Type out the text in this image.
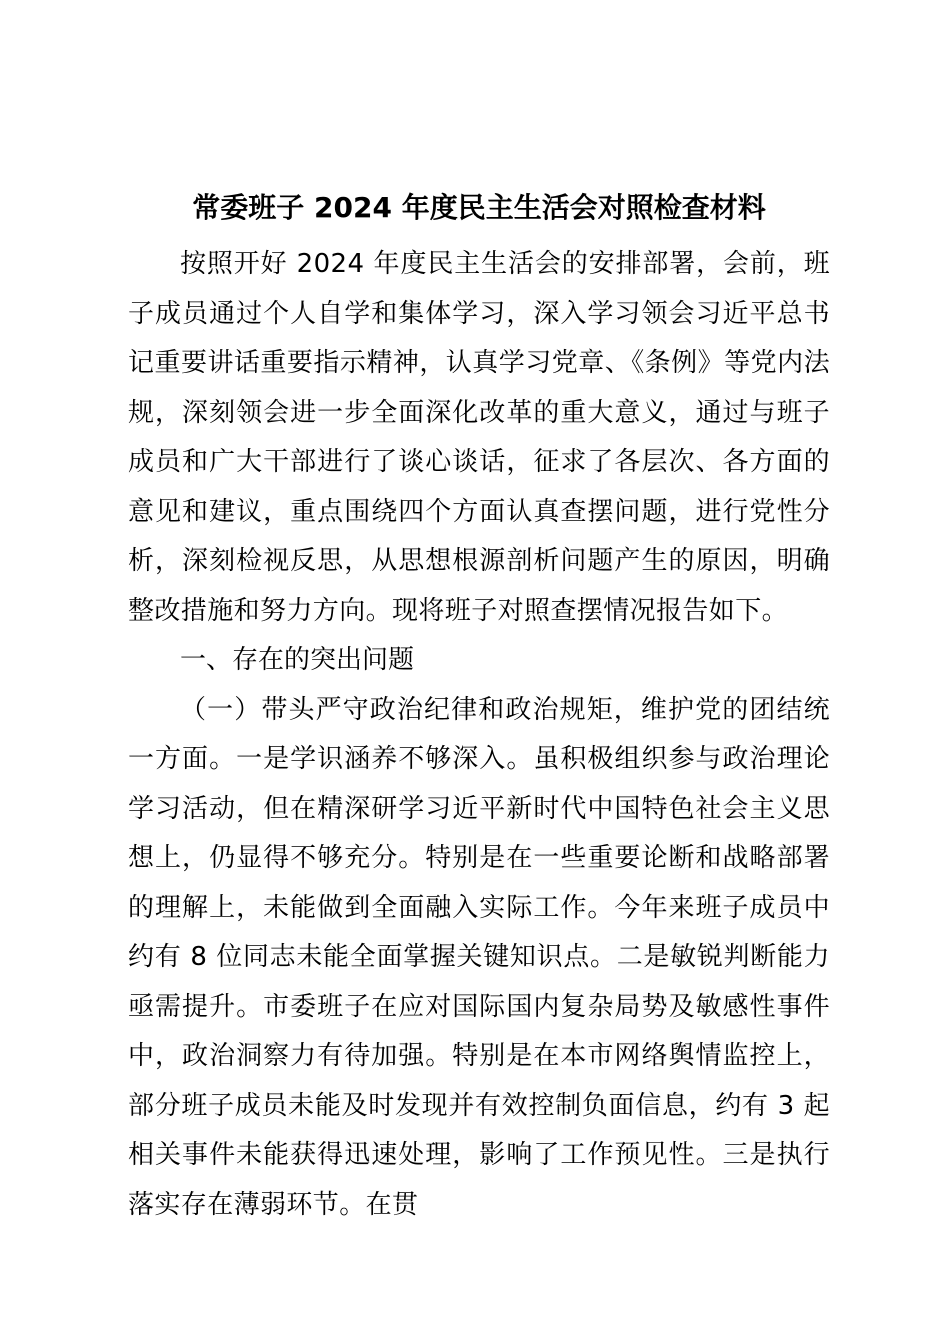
常委班子 2024 年度民主生活会对照检查材料

按照开好 2024 年度民主生活会的安排部署，会前，班子成员通过个人自学和集体学习，深入学习领会习近平总书记重要讲话重要指示精神，认真学习党章、《条例》等党内法规，深刻领会进一步全面深化改革的重大意义，通过与班子成员和广大干部进行了谈心谈话，征求了各层次、各方面的意见和建议，重点围绕四个方面认真查摆问题，进行党性分析，深刻检视反思，从思想根源剖析问题产生的原因，明确整改措施和努力方向。现将班子对照查摆情况报告如下。

一、存在的突出问题

（一）带头严守政治纪律和政治规矩，维护党的团结统一方面。一是学识涵养不够深入。虽积极组织参与政治理论学习活动，但在精深研学习近平新时代中国特色社会主义思想上，仍显得不够充分。特别是在一些重要论断和战略部署的理解上，未能做到全面融入实际工作。今年来班子成员中约有 8 位同志未能全面掌握关键知识点。二是敏锐判断能力亟需提升。市委班子在应对国际国内复杂局势及敏感性事件中，政治洞察力有待加强。特别是在本市网络舆情监控上，部分班子成员未能及时发现并有效控制负面信息，约有 3 起相关事件未能获得迅速处理，影响了工作预见性。三是执行落实存在薄弱环节。在贯
